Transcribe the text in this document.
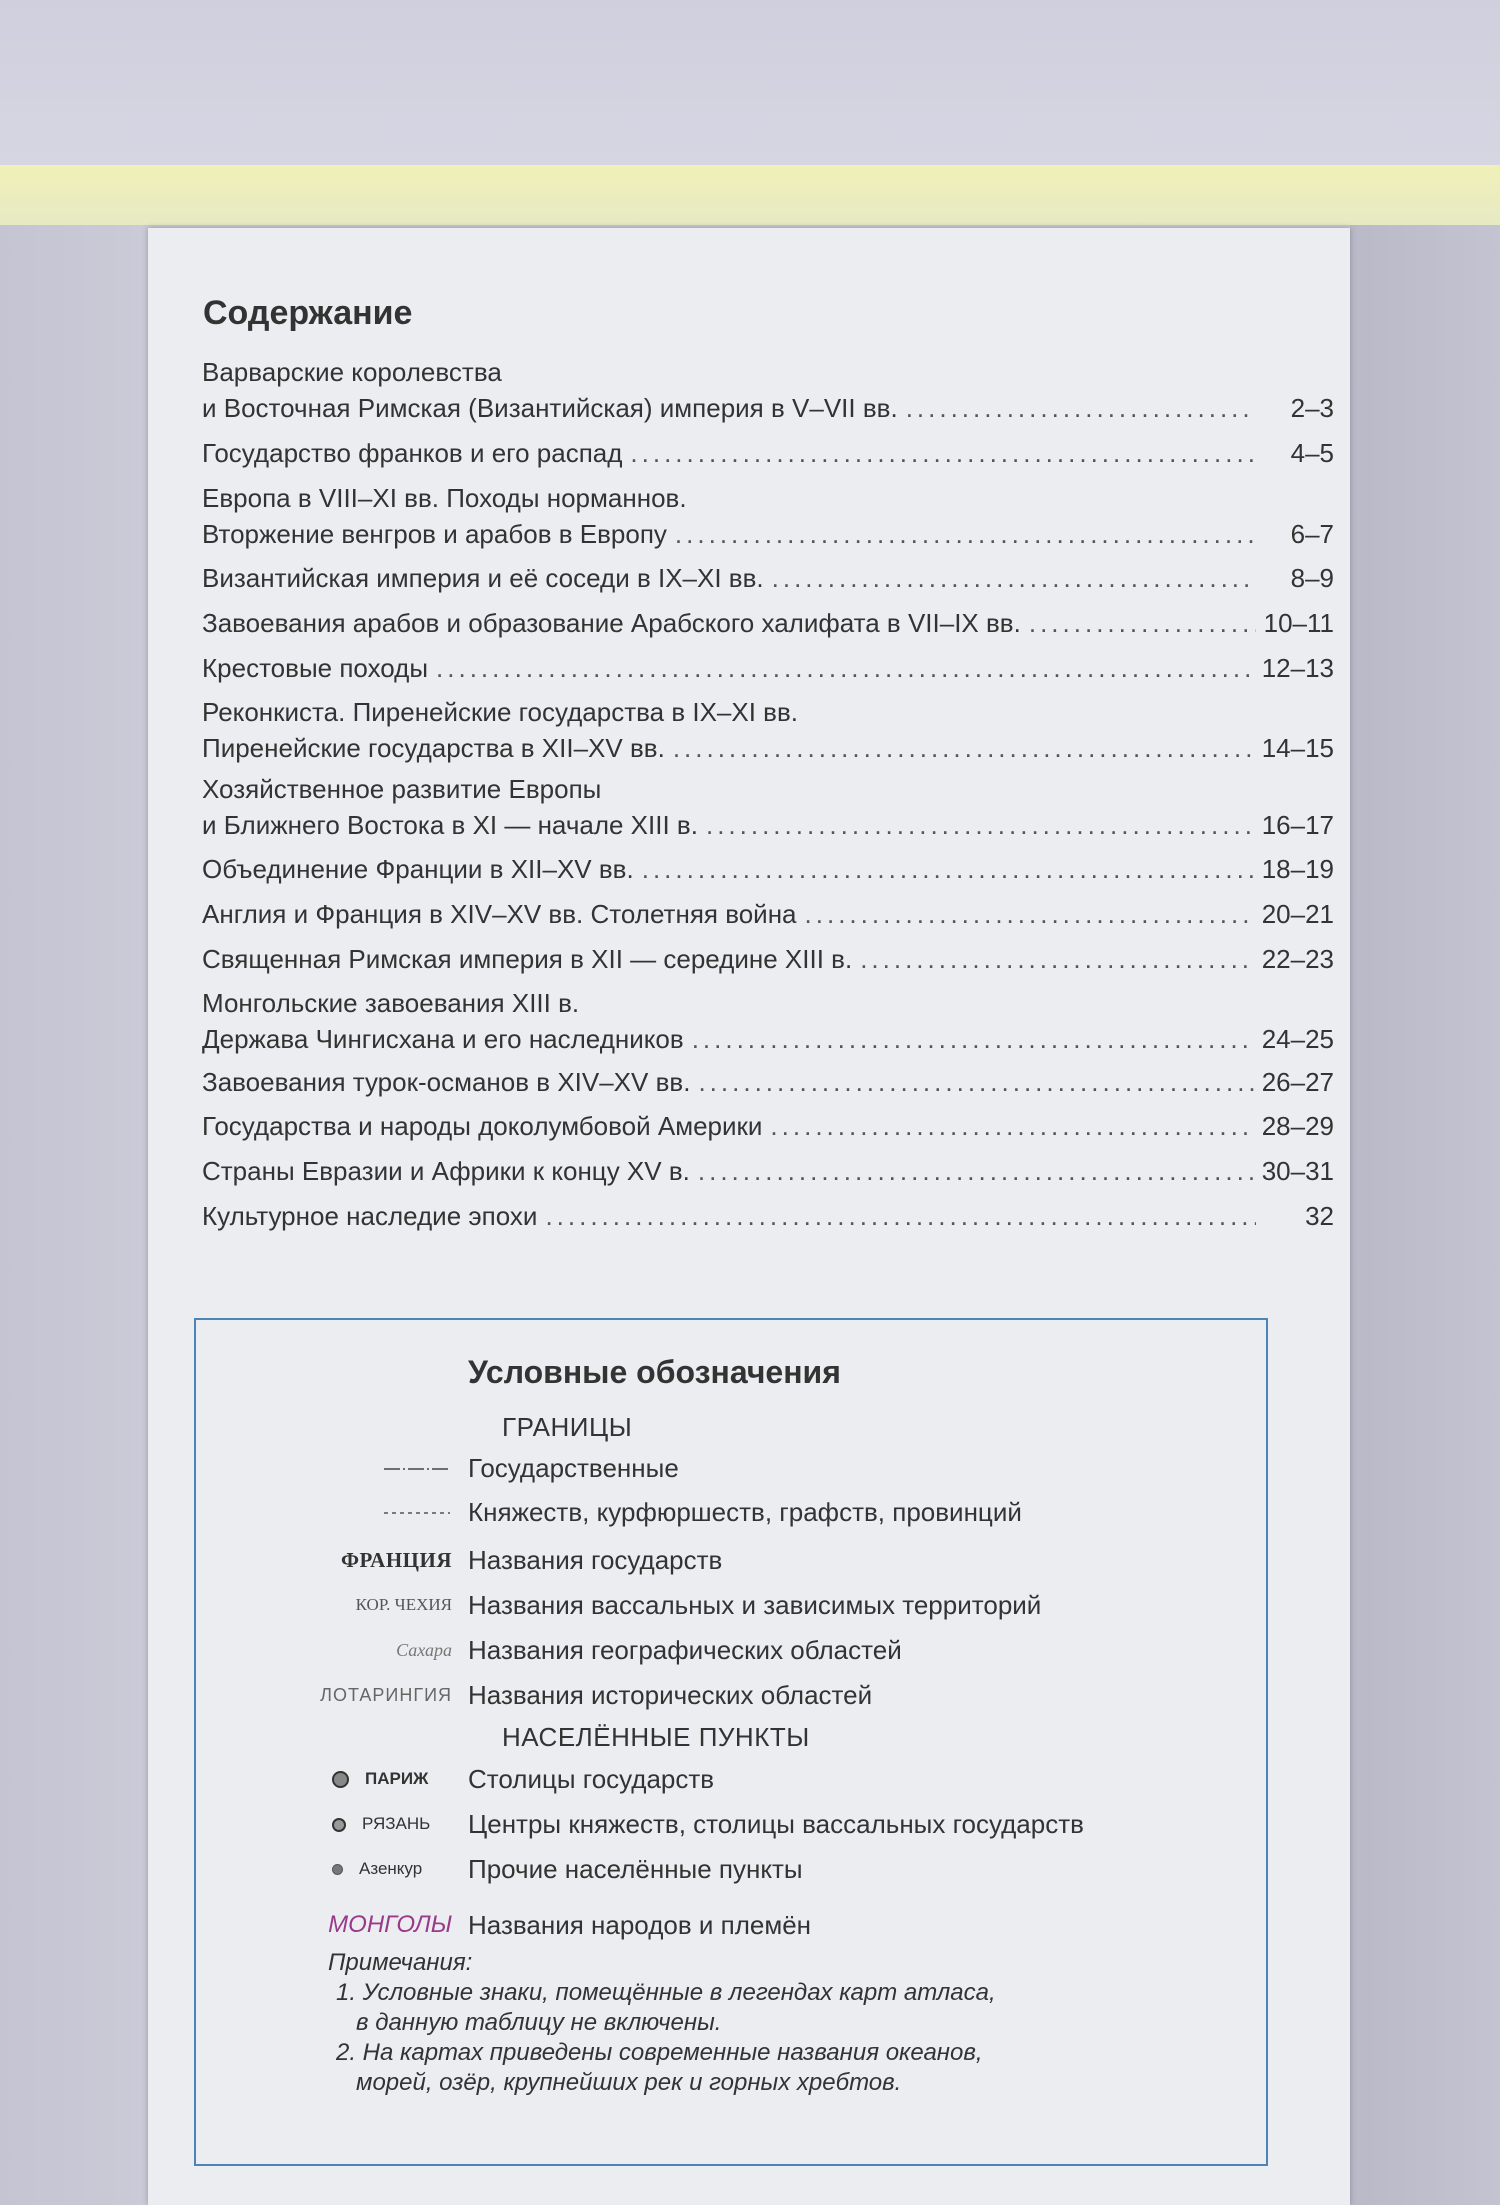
Содержание
Варварские королевства
и Восточная Римская (Византийская) империя в V–VII вв. .....	2–3
Государство франков и его распад .....	4–5
Европа в VIII–XI вв. Походы норманнов.
Вторжение венгров и арабов в Европу .....	6–7
Византийская империя и её соседи в IX–XI вв. .....	8–9
Завоевания арабов и образование Арабского халифата в VII–IX вв. .....	10–11
Крестовые походы .....	12–13
Реконкиста. Пиренейские государства в IX–XI вв.
Пиренейские государства в XII–XV вв. .....	14–15
Хозяйственное развитие Европы
и Ближнего Востока в XI — начале XIII в. .....	16–17
Объединение Франции в XII–XV вв. .....	18–19
Англия и Франция в XIV–XV вв. Столетняя война .....	20–21
Священная Римская империя в XII — середине XIII в. .....	22–23
Монгольские завоевания XIII в.
Держава Чингисхана и его наследников .....	24–25
Завоевания турок-османов в XIV–XV вв. .....	26–27
Государства и народы доколумбовой Америки .....	28–29
Страны Евразии и Африки к концу XV в. .....	30–31
Культурное наследие эпохи .....	32
Условные обозначения
ГРАНИЦЫ
Государственные
Княжеств, курфюршеств, графств, провинций
ФРАНЦИЯ Названия государств
КОР. ЧЕХИЯ Названия вассальных и зависимых территорий
Сахара Названия географических областей
ЛОТАРИНГИЯ Названия исторических областей
НАСЕЛЁННЫЕ ПУНКТЫ
ПАРИЖ Столицы государств
РЯЗАНЬ Центры княжеств, столицы вассальных государств
Азенкур Прочие населённые пункты
МОНГОЛЫ Названия народов и племён
Примечания:
1. Условные знаки, помещённые в легендах карт атласа,
в данную таблицу не включены.
2. На картах приведены современные названия океанов,
морей, озёр, крупнейших рек и горных хребтов.
